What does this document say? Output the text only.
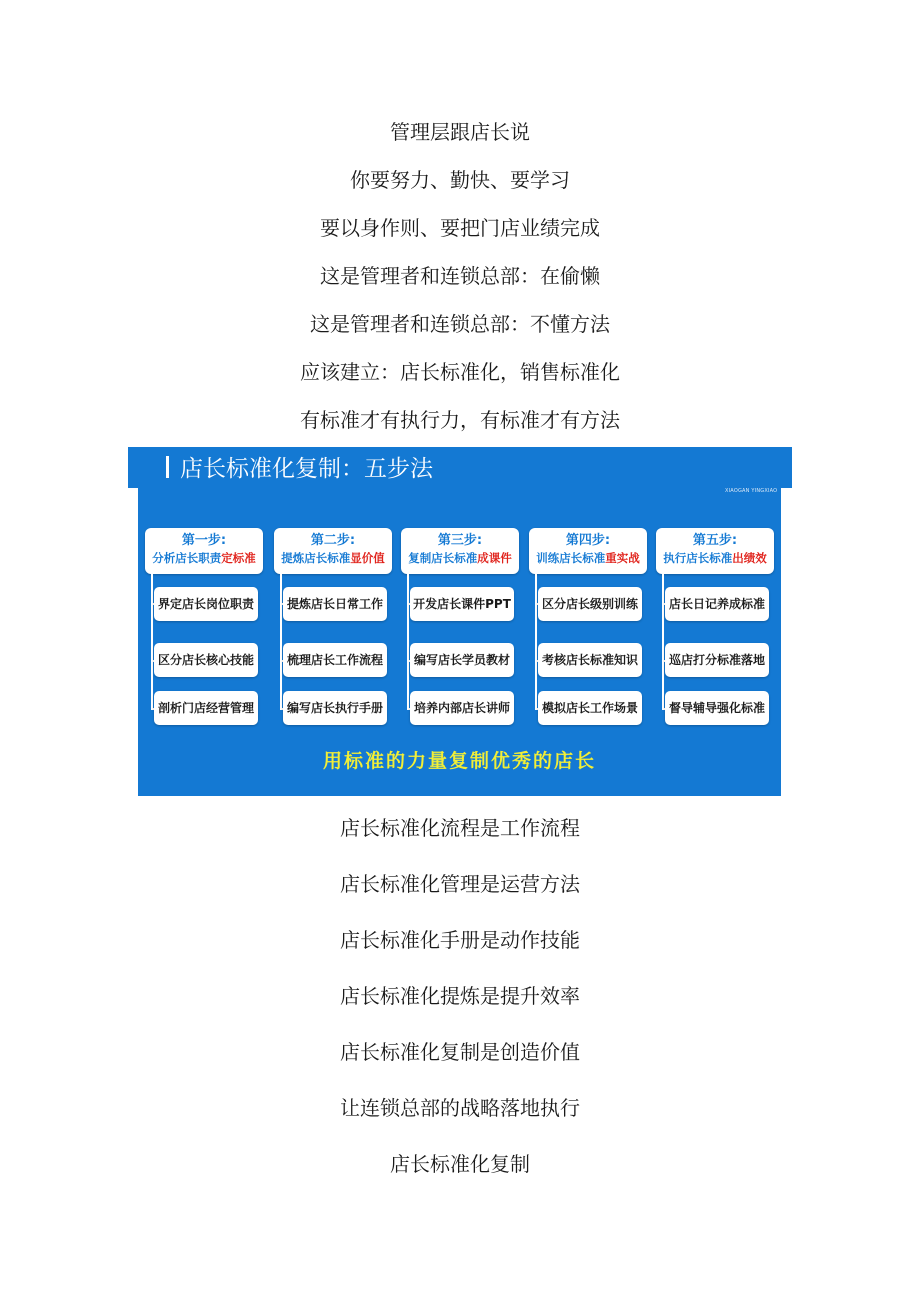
管理层跟店长说
你要努力、勤快、要学习
要以身作则、要把门店业绩完成
这是管理者和连锁总部：在偷懒
这是管理者和连锁总部：不懂方法
应该建立：店长标准化，销售标准化
有标准才有执行力，有标准才有方法
店长标准化复制：五步法
XIAOGAN YINGXIAO
第一步:
分析店长职责定标准
界定店长岗位职责
区分店长核心技能
剖析门店经营管理
第二步:
提炼店长标准显价值
提炼店长日常工作
梳理店长工作流程
编写店长执行手册
第三步:
复制店长标准成课件
开发店长课件PPT
编写店长学员教材
培养内部店长讲师
第四步:
训练店长标准重实战
区分店长级别训练
考核店长标准知识
模拟店长工作场景
第五步:
执行店长标准出绩效
店长日记养成标准
巡店打分标准落地
督导辅导强化标准
用标准的力量复制优秀的店长
店长标准化流程是工作流程
店长标准化管理是运营方法
店长标准化手册是动作技能
店长标准化提炼是提升效率
店长标准化复制是创造价值
让连锁总部的战略落地执行
店长标准化复制
